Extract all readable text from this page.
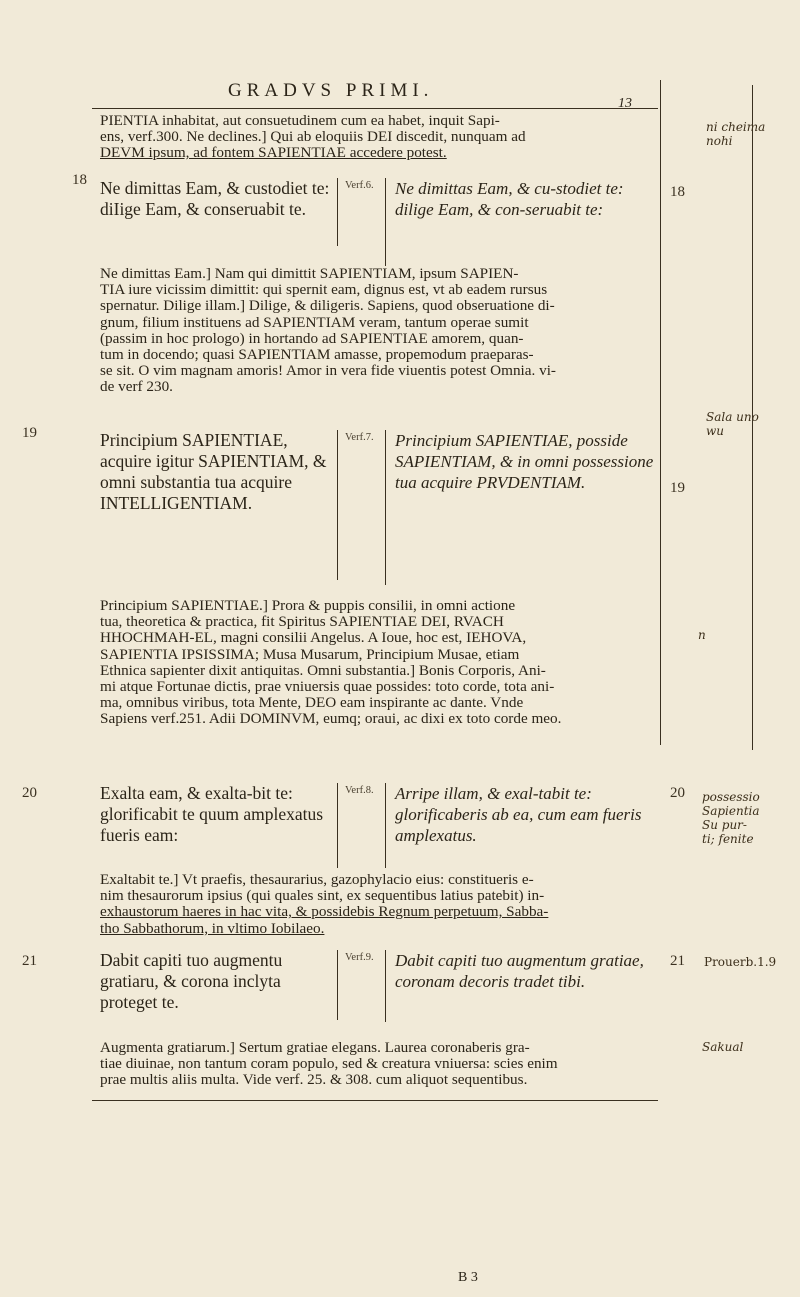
GRADVS PRIMI.
13

PIENTIA inhabitat, aut consuetudinem cum ea habet, inquit Sapi-

ens, verf.300. Ne declines.] Qui ab eloquiis DEI discedit, nunquam ad

DEVM ipsum, ad fontem SAPIENTIAE accedere potest.

18
18
Ne dimittas Eam, & custodiet te: diIige Eam, & conseruabit te.
Verf.6. Ne dimittas Eam, & cu-stodiet te: dilige Eam, & con-seruabit te:

Ne dimittas Eam.] Nam qui dimittit SAPIENTIAM, ipsum SAPIEN-

TIA iure vicissim dimittit: qui spernit eam, dignus est, vt ab eadem rursus

spernatur. Dilige illam.] Dilige, & diligeris. Sapiens, quod obseruatione di-

gnum, filium instituens ad SAPIENTIAM veram, tantum operae sumit

(passim in hoc prologo) in hortando ad SAPIENTIAE amorem, quan-

tum in docendo; quasi SAPIENTIAM amasse, propemodum praeparas-

se sit. O vim magnam amoris! Amor in vera fide viuentis potest Omnia. vi-

de verf 230.

19
19
Principium SAPIENTIAE, acquire igitur SAPIENTIAM, & omni substantia tua acquire INTELLIGENTIAM.
Verf.7. Principium SAPIENTIAE, possidе SAPIENTIAM, & in omni possessione tua acquire PRVDENTIAM.

Principium SAPIENTIAE.] Prora & puppis consilii, in omni actione

tua, theoretica & practica, fit Spiritus SAPIENTIAE DEI, RVACH

HHOCHMAH-EL, magni consilii Angelus. A Ioue, hoc est, IEHOVA,

SAPIENTIA IPSISSIMA; Musa Musarum, Principium Musae, etiam

Ethnica sapienter dixit antiquitas. Omni substantia.] Bonis Corporis, Ani-

mi atque Fortunae dictis, prae vniuersis quae possides: toto corde, tota ani-

ma, omnibus viribus, tota Mente, DEO eam inspirante ac dante. Vnde

Sapiens verf.251. Adii DOMINVM, eumq; oraui, ac dixi ex toto corde meo.

20	20
Exalta eam, & exalta-bit te: glorificabit te quum amplexatus fueris eam:
Verf.8. Arripe illam, & exal-tabit te: glorificaberis ab ea, cum eam fueris amplexatus.

Exaltabit te.] Vt praefis, thesaurarius, gazophylacio eius: constitueris e-

nim thesaurorum ipsius (qui quales sint, ex sequentibus latius patebit) in-

exhaustorum haeres in hac vita, & possidebis Regnum perpetuum, Sabba-

tho Sabbathorum, in vltimo Iobilaeo.

21	21
Dabit capiti tuo augmentu gratiaru, & corona inclyta proteget te.
Verf.9. Dabit capiti tuo augmentum gratiae, coronam decoris tradet tibi.

Augmenta gratiarum.] Sertum gratiae elegans. Laurea coronaberis gra-

tiae diuinae, non tantum coram populo, sed & creatura vniuersa: scies enim

prae multis aliis multa. Vide verf. 25. & 308. cum aliquot sequentibus.

B 3
ni cheima nohi
Sala uno wu
n
possessio Sapientia Su pur- ti; fenite
Prouerb.1.9
Sakual
